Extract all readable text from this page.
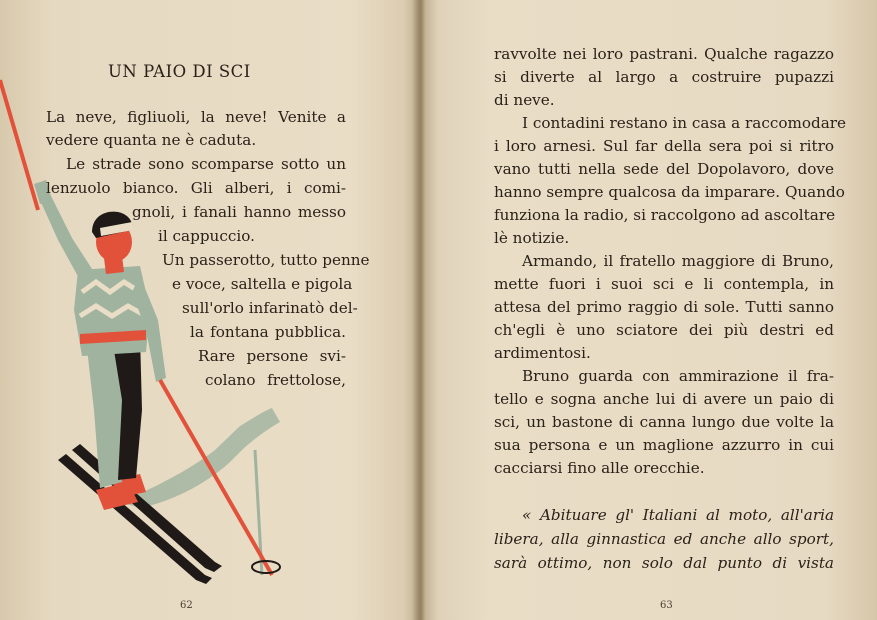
UN PAIO DI SCI
La neve, figliuoli, la neve! Venite a
vedere quanta ne è caduta.
Le strade sono scomparse sotto un
lenzuolo bianco. Gli alberi, i comi-
gnoli, i fanali hanno messo
il cappuccio.
Un passerotto, tutto penne
e voce, saltella e pigola
sull'orlo infarinatò del-
la fontana pubblica.
Rare persone svi-
colano frettolose,
62
ravvolte nei loro pastrani. Qualche ragazzo
si diverte al largo a costruire pupazzi
di neve.
I contadini restano in casa a raccomodare
i loro arnesi. Sul far della sera poi si ritro
vano tutti nella sede del Dopolavoro, dove
hanno sempre qualcosa da imparare. Quando
funziona la radio, si raccolgono ad ascoltare
lè notizie.
Armando, il fratello maggiore di Bruno,
mette fuori i suoi sci e li contempla, in
attesa del primo raggio di sole. Tutti sanno
ch'egli è uno sciatore dei più destri ed
ardimentosi.
Bruno guarda con ammirazione il fra-
tello e sogna anche lui di avere un paio di
sci, un bastone di canna lungo due volte la
sua persona e un maglione azzurro in cui
cacciarsi fino alle orecchie.
« Abituare gl' Italiani al moto, all'aria
libera, alla ginnastica ed anche allo sport,
sarà ottimo, non solo dal punto di vista
63
